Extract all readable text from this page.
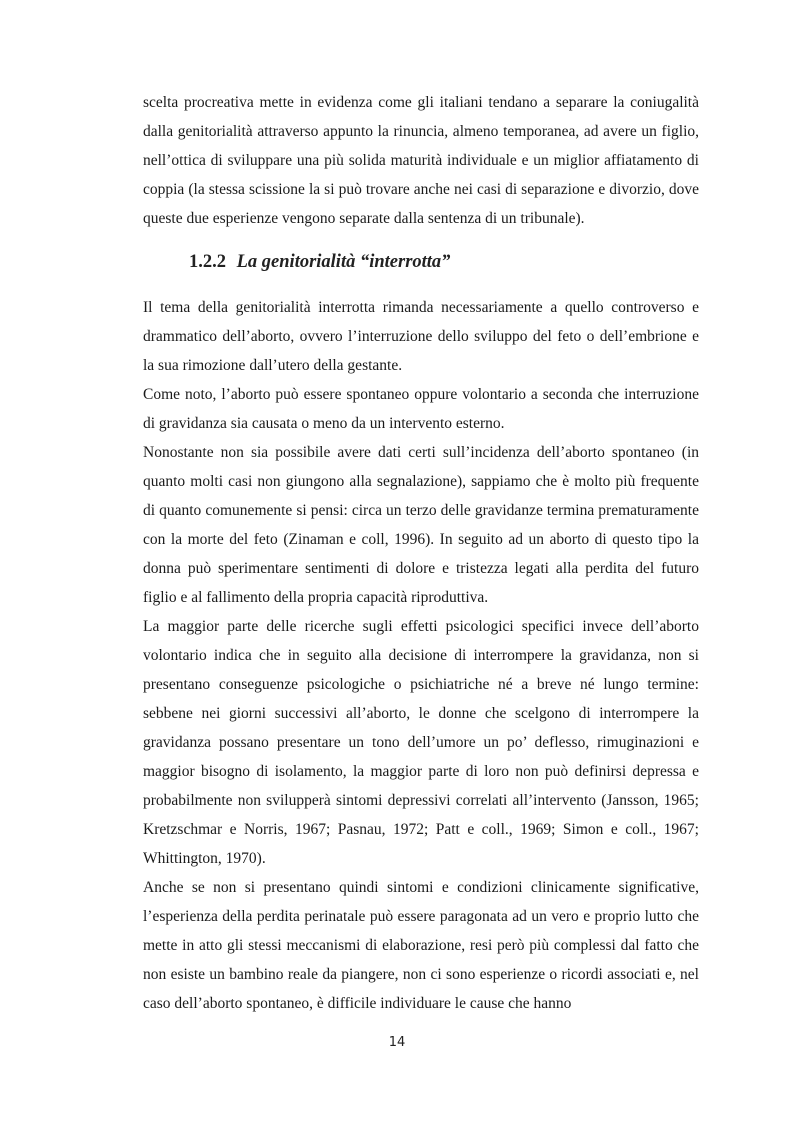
scelta procreativa mette in evidenza come gli italiani tendano a separare la coniugalità dalla genitorialità attraverso appunto la rinuncia, almeno temporanea, ad avere un figlio, nell’ottica di sviluppare una più solida maturità individuale e un miglior affiatamento di coppia (la stessa scissione la si può trovare anche nei casi di separazione e divorzio, dove queste due esperienze vengono separate dalla sentenza di un tribunale).

1.2.2 La genitorialità “interrotta”

Il tema della genitorialità interrotta rimanda necessariamente a quello controverso e drammatico dell’aborto, ovvero l’interruzione dello sviluppo del feto o dell’embrione e la sua rimozione dall’utero della gestante.

Come noto, l’aborto può essere spontaneo oppure volontario a seconda che interruzione di gravidanza sia causata o meno da un intervento esterno.

Nonostante non sia possibile avere dati certi sull’incidenza dell’aborto spontaneo (in quanto molti casi non giungono alla segnalazione), sappiamo che è molto più frequente di quanto comunemente si pensi: circa un terzo delle gravidanze termina prematuramente con la morte del feto (Zinaman e coll, 1996). In seguito ad un aborto di questo tipo la donna può sperimentare sentimenti di dolore e tristezza legati alla perdita del futuro figlio e al fallimento della propria capacità riproduttiva.

La maggior parte delle ricerche sugli effetti psicologici specifici invece dell’aborto volontario indica che in seguito alla decisione di interrompere la gravidanza, non si presentano conseguenze psicologiche o psichiatriche né a breve né lungo termine: sebbene nei giorni successivi all’aborto, le donne che scelgono di interrompere la gravidanza possano presentare un tono dell’umore un po’ deflesso, rimuginazioni e maggior bisogno di isolamento, la maggior parte di loro non può definirsi depressa e probabilmente non svilupperà sintomi depressivi correlati all’intervento (Jansson, 1965; Kretzschmar e Norris, 1967; Pasnau, 1972; Patt e coll., 1969; Simon e coll., 1967; Whittington, 1970).

Anche se non si presentano quindi sintomi e condizioni clinicamente significative, l’esperienza della perdita perinatale può essere paragonata ad un vero e proprio lutto che mette in atto gli stessi meccanismi di elaborazione, resi però più complessi dal fatto che non esiste un bambino reale da piangere, non ci sono esperienze o ricordi associati e, nel caso dell’aborto spontaneo, è difficile individuare le cause che hanno

14
